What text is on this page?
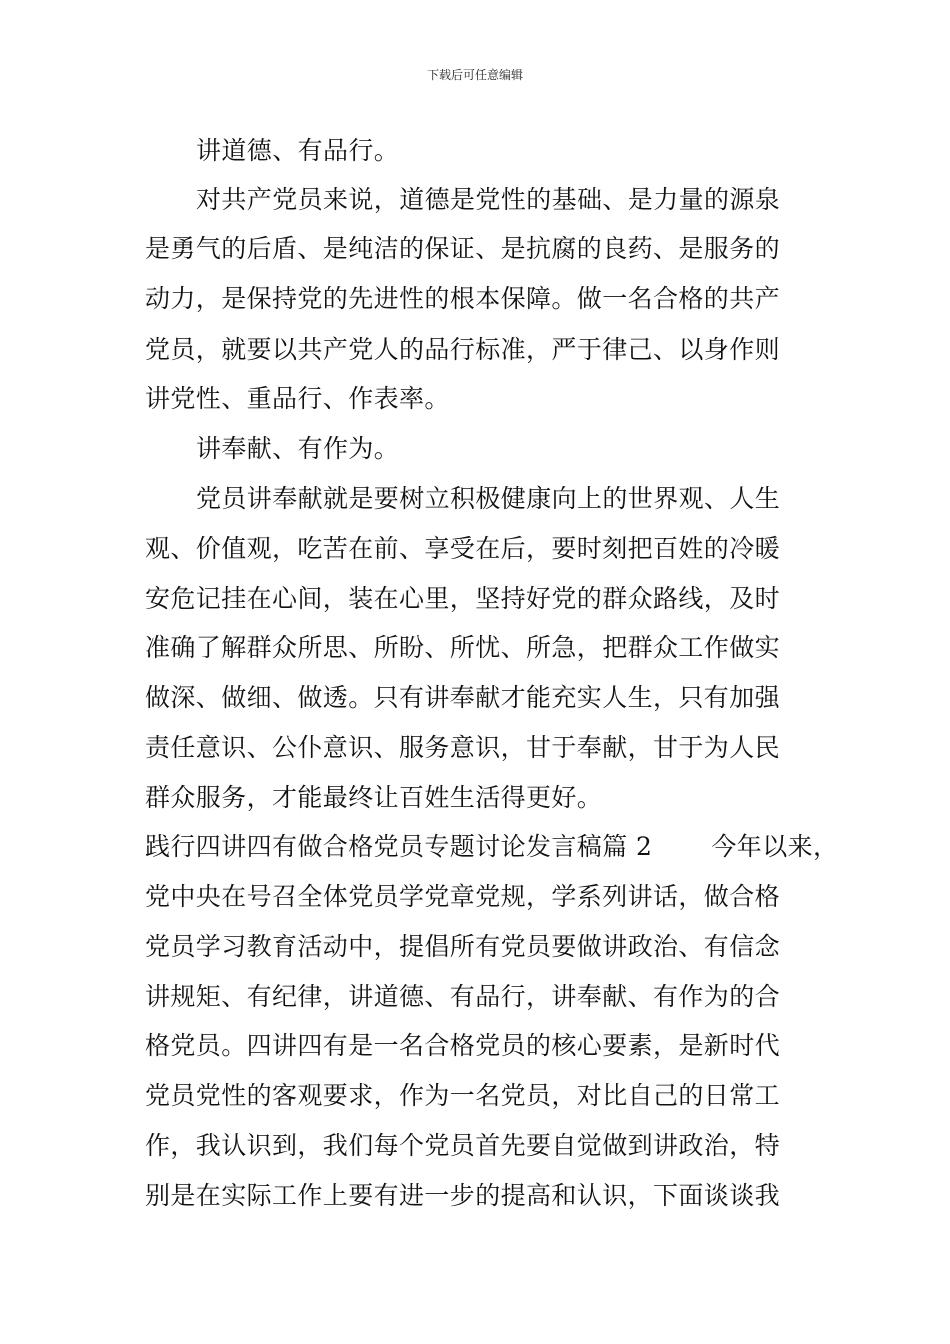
下载后可任意编辑
讲道德、有品行。
对共产党员来说，道德是党性的基础、是力量的源泉
是勇气的后盾、是纯洁的保证、是抗腐的良药、是服务的
动力，是保持党的先进性的根本保障。做一名合格的共产
党员，就要以共产党人的品行标准，严于律己、以身作则
讲党性、重品行、作表率。
讲奉献、有作为。
党员讲奉献就是要树立积极健康向上的世界观、人生
观、价值观，吃苦在前、享受在后，要时刻把百姓的冷暖
安危记挂在心间，装在心里，坚持好党的群众路线，及时
准确了解群众所思、所盼、所忧、所急，把群众工作做实
做深、做细、做透。只有讲奉献才能充实人生，只有加强
责任意识、公仆意识、服务意识，甘于奉献，甘于为人民
群众服务，才能最终让百姓生活得更好。
践行四讲四有做合格党员专题讨论发言稿篇 2 　　今年以来，
党中央在号召全体党员学党章党规，学系列讲话，做合格
党员学习教育活动中，提倡所有党员要做讲政治、有信念
讲规矩、有纪律，讲道德、有品行，讲奉献、有作为的合
格党员。四讲四有是一名合格党员的核心要素，是新时代
党员党性的客观要求，作为一名党员，对比自己的日常工
作，我认识到，我们每个党员首先要自觉做到讲政治，特
别是在实际工作上要有进一步的提高和认识，下面谈谈我
